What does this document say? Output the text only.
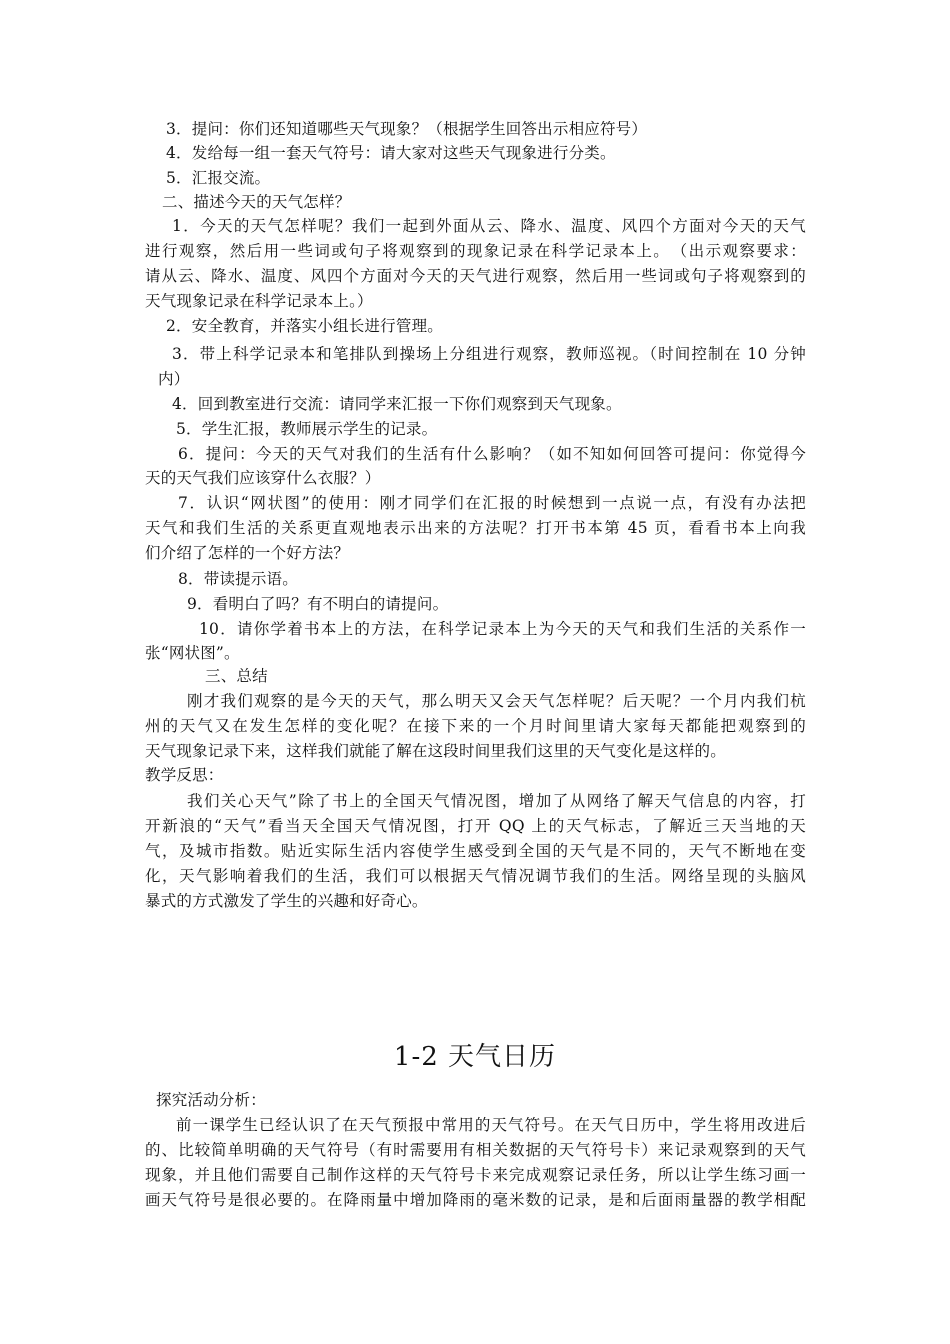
3．提问：你们还知道哪些天气现象？（根据学生回答出示相应符号）
4．发给每一组一套天气符号：请大家对这些天气现象进行分类。
5．汇报交流。
二、描述今天的天气怎样？
1．今天的天气怎样呢？我们一起到外面从云、降水、温度、风四个方面对今天的天气
进行观察，然后用一些词或句子将观察到的现象记录在科学记录本上。　（出示观察要求：
请从云、降水、温度、风四个方面对今天的天气进行观察，然后用一些词或句子将观察到的
天气现象记录在科学记录本上。）
2．安全教育，并落实小组长进行管理。
3．带上科学记录本和笔排队到操场上分组进行观察，教师巡视。（时间控制在 10 分钟
内）
4．回到教室进行交流：请同学来汇报一下你们观察到天气现象。
5．学生汇报，教师展示学生的记录。
6．提问：今天的天气对我们的生活有什么影响？（如不知如何回答可提问：你觉得今
天的天气我们应该穿什么衣服？）
7．认识“网状图”的使用：刚才同学们在汇报的时候想到一点说一点，有没有办法把
天气和我们生活的关系更直观地表示出来的方法呢？打开书本第 45 页，看看书本上向我
们介绍了怎样的一个好方法？
8．带读提示语。
9．看明白了吗？有不明白的请提问。
10．请你学着书本上的方法，在科学记录本上为今天的天气和我们生活的关系作一
张“网状图”。
三、总结
刚才我们观察的是今天的天气，那么明天又会天气怎样呢？后天呢？一个月内我们杭
州的天气又在发生怎样的变化呢？在接下来的一个月时间里请大家每天都能把观察到的
天气现象记录下来，这样我们就能了解在这段时间里我们这里的天气变化是这样的。
教学反思：
我们关心天气”除了书上的全国天气情况图，增加了从网络了解天气信息的内容，打
开新浪的“天气”看当天全国天气情况图，打开 QQ 上的天气标志，了解近三天当地的天
气，及城市指数。贴近实际生活内容使学生感受到全国的天气是不同的，天气不断地在变
化，天气影响着我们的生活，我们可以根据天气情况调节我们的生活。网络呈现的头脑风
暴式的方式激发了学生的兴趣和好奇心。
1-2 天气日历
探究活动分析：
前一课学生已经认识了在天气预报中常用的天气符号。在天气日历中，学生将用改进后
的、比较简单明确的天气符号（有时需要用有相关数据的天气符号卡）来记录观察到的天气
现象，并且他们需要自己制作这样的天气符号卡来完成观察记录任务，所以让学生练习画一
画天气符号是很必要的。在降雨量中增加降雨的毫米数的记录，是和后面雨量器的教学相配
